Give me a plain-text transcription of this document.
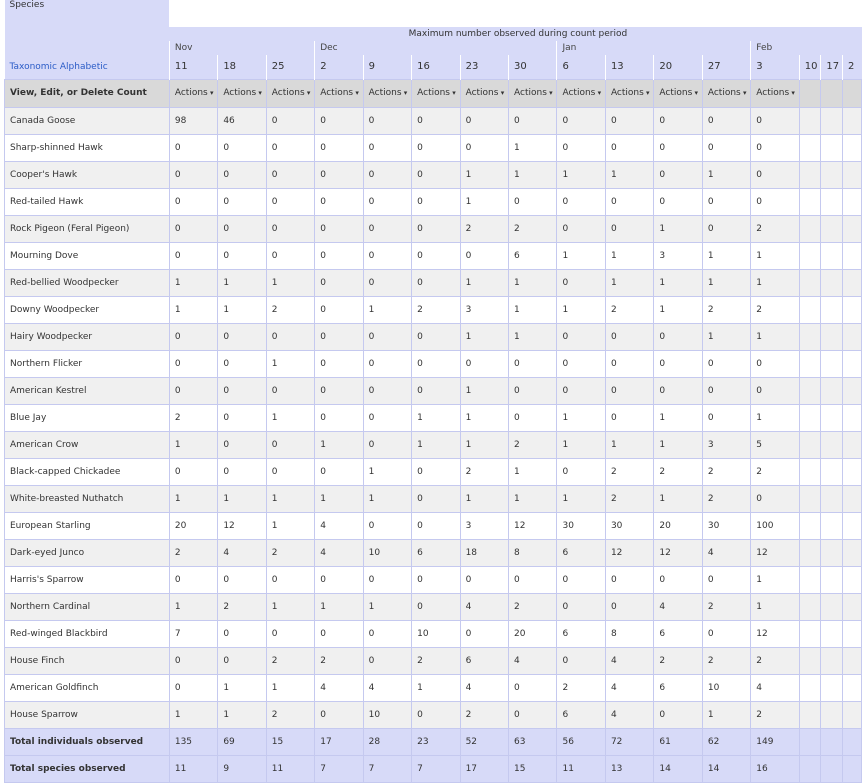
Species																
	Maximum number observed during count period															
	Nov			Dec					Jan				Feb			
Taxonomic Alphabetic	11	18	25	2	9	16	23	30	6	13	20	27	3	10	17	2
View, Edit, or Delete Count	Actions ▾	Actions ▾	Actions ▾	Actions ▾	Actions ▾	Actions ▾	Actions ▾	Actions ▾	Actions ▾	Actions ▾	Actions ▾	Actions ▾	Actions ▾			
Canada Goose	98	46	0	0	0	0	0	0	0	0	0	0	0			
Sharp-shinned Hawk	0	0	0	0	0	0	0	1	0	0	0	0	0			
Cooper's Hawk	0	0	0	0	0	0	1	1	1	1	0	1	0			
Red-tailed Hawk	0	0	0	0	0	0	1	0	0	0	0	0	0			
Rock Pigeon (Feral Pigeon)	0	0	0	0	0	0	2	2	0	0	1	0	2			
Mourning Dove	0	0	0	0	0	0	0	6	1	1	3	1	1			
Red-bellied Woodpecker	1	1	1	0	0	0	1	1	0	1	1	1	1			
Downy Woodpecker	1	1	2	0	1	2	3	1	1	2	1	2	2			
Hairy Woodpecker	0	0	0	0	0	0	1	1	0	0	0	1	1			
Northern Flicker	0	0	1	0	0	0	0	0	0	0	0	0	0			
American Kestrel	0	0	0	0	0	0	1	0	0	0	0	0	0			
Blue Jay	2	0	1	0	0	1	1	0	1	0	1	0	1			
American Crow	1	0	0	1	0	1	1	2	1	1	1	3	5			
Black-capped Chickadee	0	0	0	0	1	0	2	1	0	2	2	2	2			
White-breasted Nuthatch	1	1	1	1	1	0	1	1	1	2	1	2	0			
European Starling	20	12	1	4	0	0	3	12	30	30	20	30	100			
Dark-eyed Junco	2	4	2	4	10	6	18	8	6	12	12	4	12			
Harris's Sparrow	0	0	0	0	0	0	0	0	0	0	0	0	1			
Northern Cardinal	1	2	1	1	1	0	4	2	0	0	4	2	1			
Red-winged Blackbird	7	0	0	0	0	10	0	20	6	8	6	0	12			
House Finch	0	0	2	2	0	2	6	4	0	4	2	2	2			
American Goldfinch	0	1	1	4	4	1	4	0	2	4	6	10	4			
House Sparrow	1	1	2	0	10	0	2	0	6	4	0	1	2			
Total individuals observed	135	69	15	17	28	23	52	63	56	72	61	62	149			
Total species observed	11	9	11	7	7	7	17	15	11	13	14	14	16			
